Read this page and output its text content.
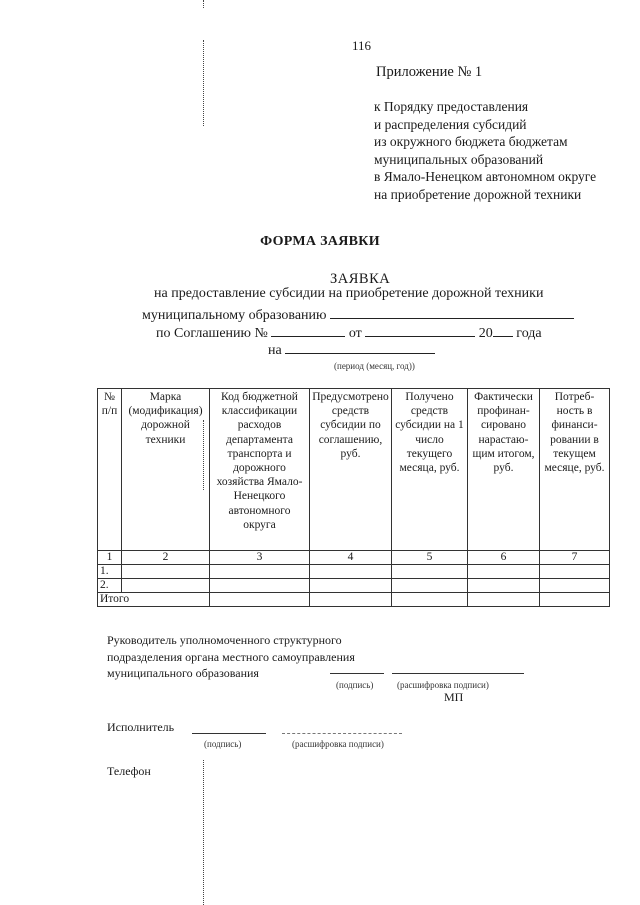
116
Приложение № 1
к Порядку предоставления
и распределения субсидий
из окружного бюджета бюджетам
муниципальных образований
в Ямало-Ненецком автономном округе
на приобретение дорожной техники
ФОРМА ЗАЯВКИ
ЗАЯВКА
на предоставление субсидии на приобретение дорожной техники
муниципальному образованию
по Соглашению №	от	20 года
на
(период (месяц, год))
№ п/п	Марка (модификация) дорожной техники	Код бюджетной классификации расходов департамента транспорта и дорожного хозяйства Ямало-Ненецкого автономного округа	Предусмотрено средств субсидии по соглашению, руб.	Получено средств субсидии на 1 число текущего месяца, руб.	Фактически профинан-сировано нарастаю-щим итогом, руб.	Потреб-ность в финанси-ровании в текущем месяце, руб.
1	2	3	4	5	6	7
1.						
2.						
Итого						
Руководитель уполномоченного структурного
подразделения органа местного самоуправления
муниципального образования
(подпись)	(расшифровка подписи)
МП
Исполнитель
(подпись)	(расшифровка подписи)
Телефон
